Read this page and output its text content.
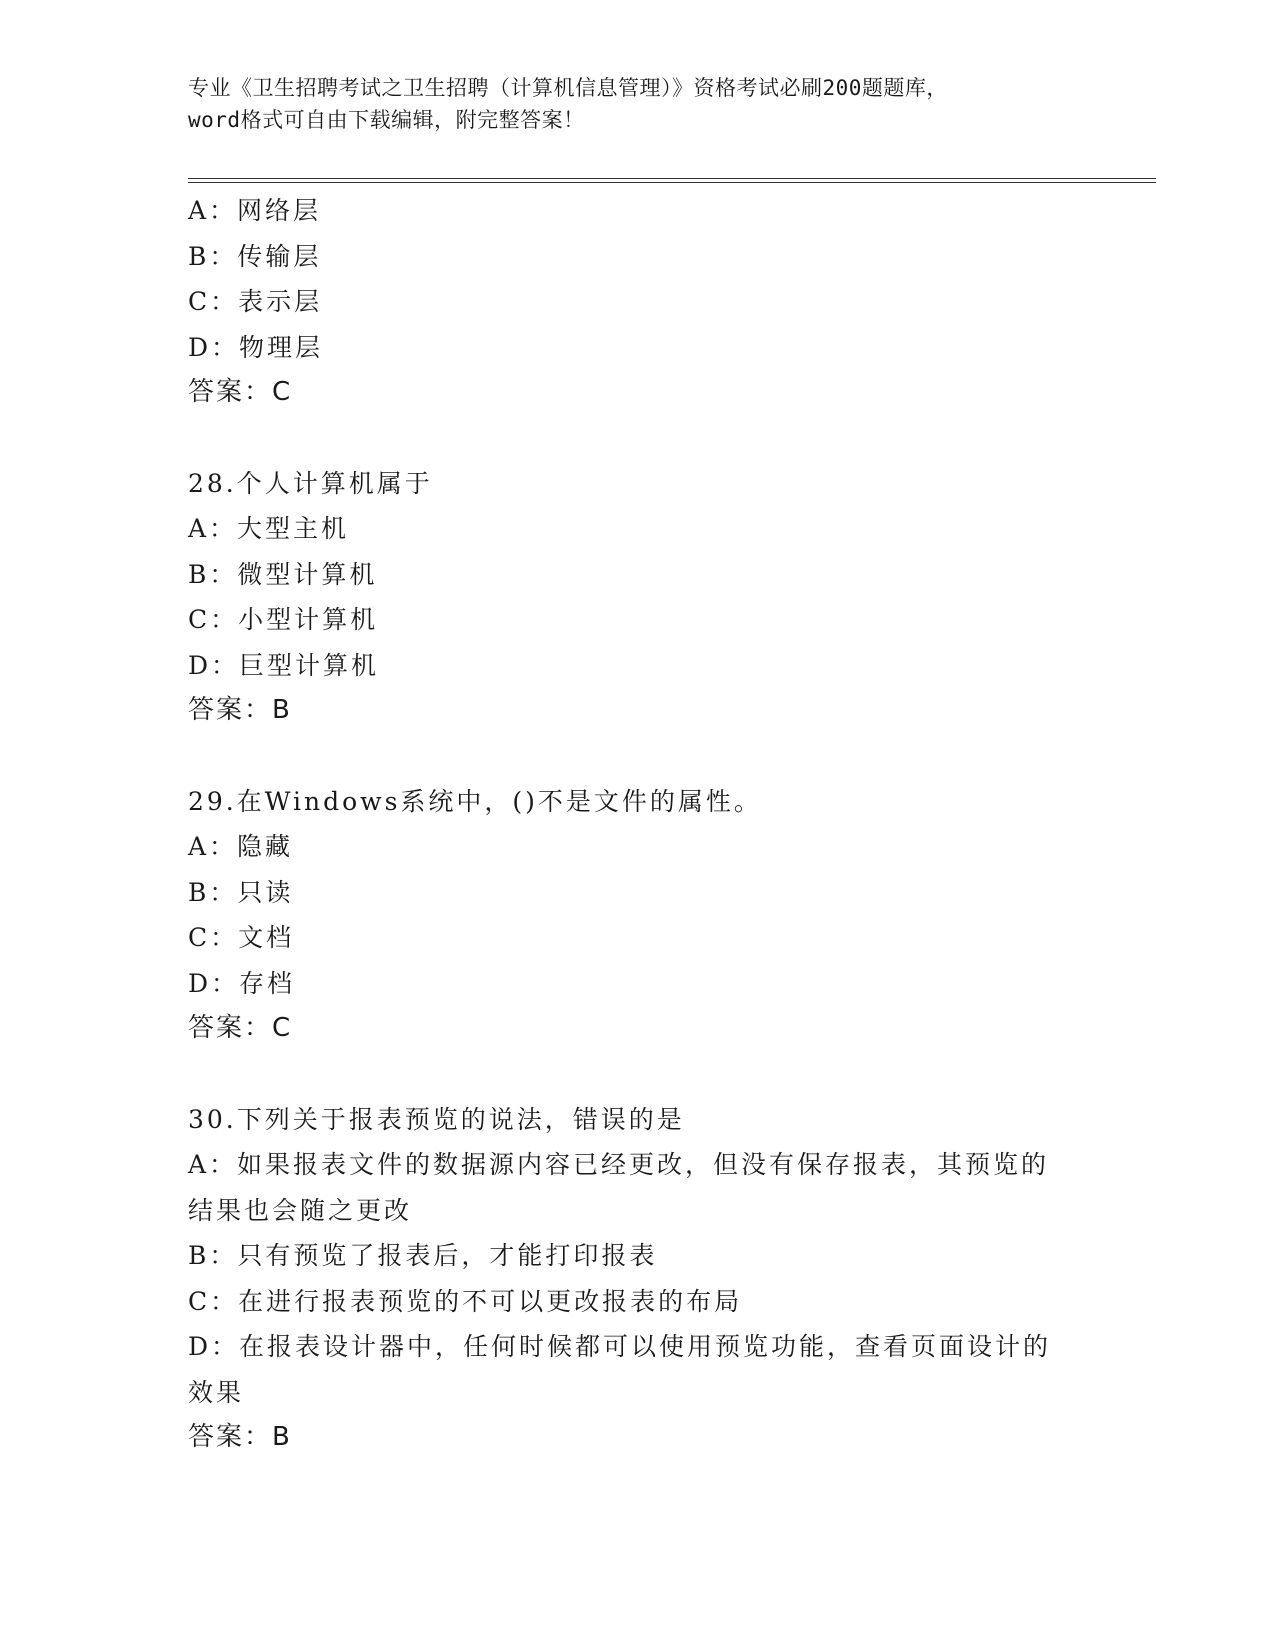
专业《卫生招聘考试之卫生招聘（计算机信息管理）》资格考试必刷200题题库，
word格式可自由下载编辑，附完整答案！
A：网络层
B：传输层
C：表示层
D：物理层
答案：C
28.个人计算机属于
A：大型主机
B：微型计算机
C：小型计算机
D：巨型计算机
答案：B
29.在Windows系统中，()不是文件的属性。
A：隐藏
B：只读
C：文档
D：存档
答案：C
30.下列关于报表预览的说法，错误的是
A：如果报表文件的数据源内容已经更改，但没有保存报表，其预览的结果也会随之更改
B：只有预览了报表后，才能打印报表
C：在进行报表预览的不可以更改报表的布局
D：在报表设计器中，任何时候都可以使用预览功能，查看页面设计的效果
答案：B
